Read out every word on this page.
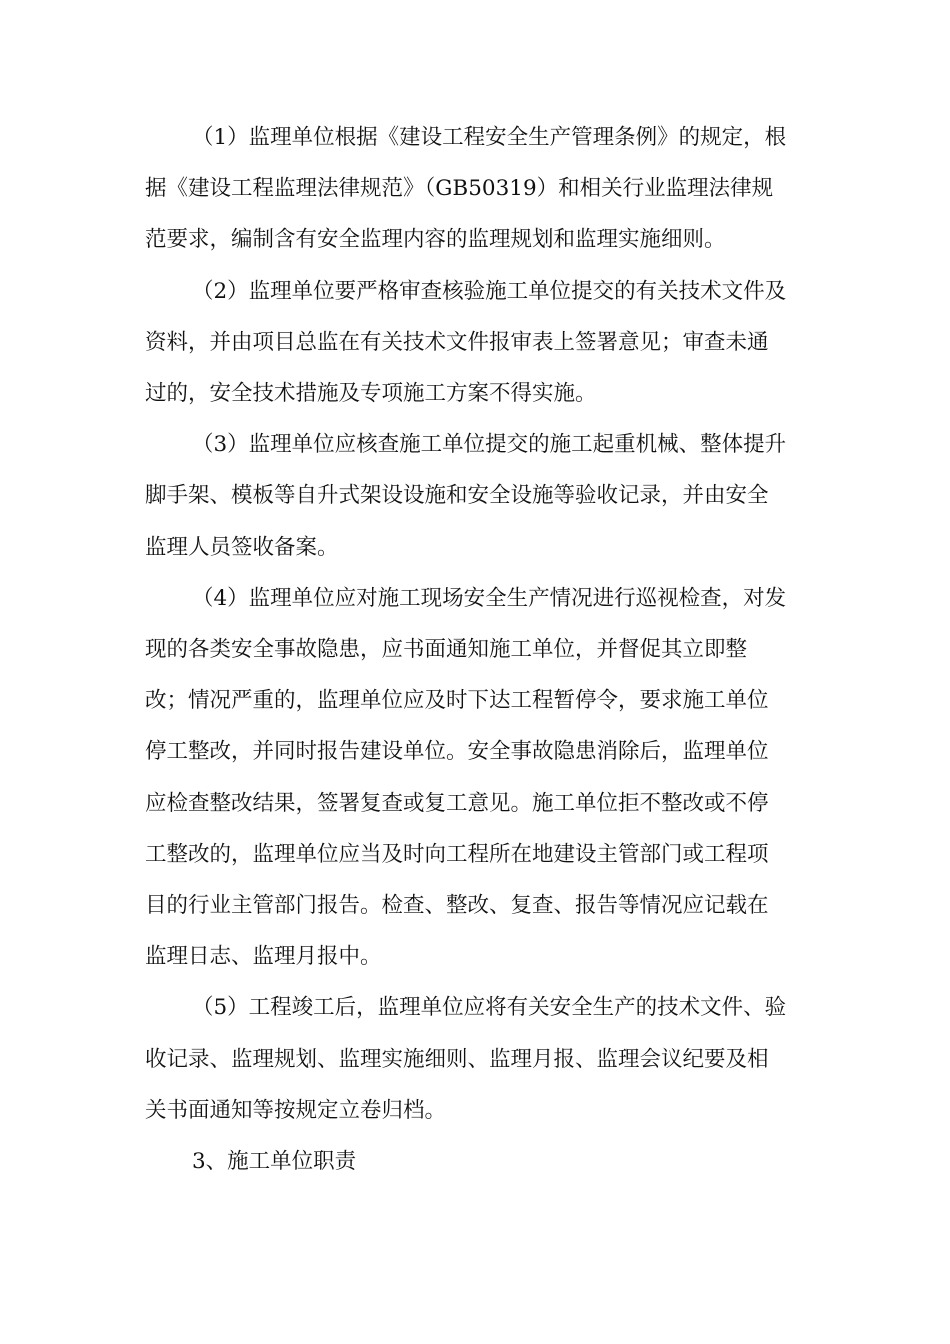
（1）监理单位根据《建设工程安全生产管理条例》的规定，根
据《建设工程监理法律规范》（GB50319）和相关行业监理法律规
范要求，编制含有安全监理内容的监理规划和监理实施细则。

（2）监理单位要严格审查核验施工单位提交的有关技术文件及
资料，并由项目总监在有关技术文件报审表上签署意见；审查未通
过的，安全技术措施及专项施工方案不得实施。

（3）监理单位应核查施工单位提交的施工起重机械、整体提升
脚手架、模板等自升式架设设施和安全设施等验收记录，并由安全
监理人员签收备案。

（4）监理单位应对施工现场安全生产情况进行巡视检查，对发
现的各类安全事故隐患，应书面通知施工单位，并督促其立即整
改；情况严重的，监理单位应及时下达工程暂停令，要求施工单位
停工整改，并同时报告建设单位。安全事故隐患消除后，监理单位
应检查整改结果，签署复查或复工意见。施工单位拒不整改或不停
工整改的，监理单位应当及时向工程所在地建设主管部门或工程项
目的行业主管部门报告。检查、整改、复查、报告等情况应记载在
监理日志、监理月报中。

（5）工程竣工后，监理单位应将有关安全生产的技术文件、验
收记录、监理规划、监理实施细则、监理月报、监理会议纪要及相
关书面通知等按规定立卷归档。

3、施工单位职责
